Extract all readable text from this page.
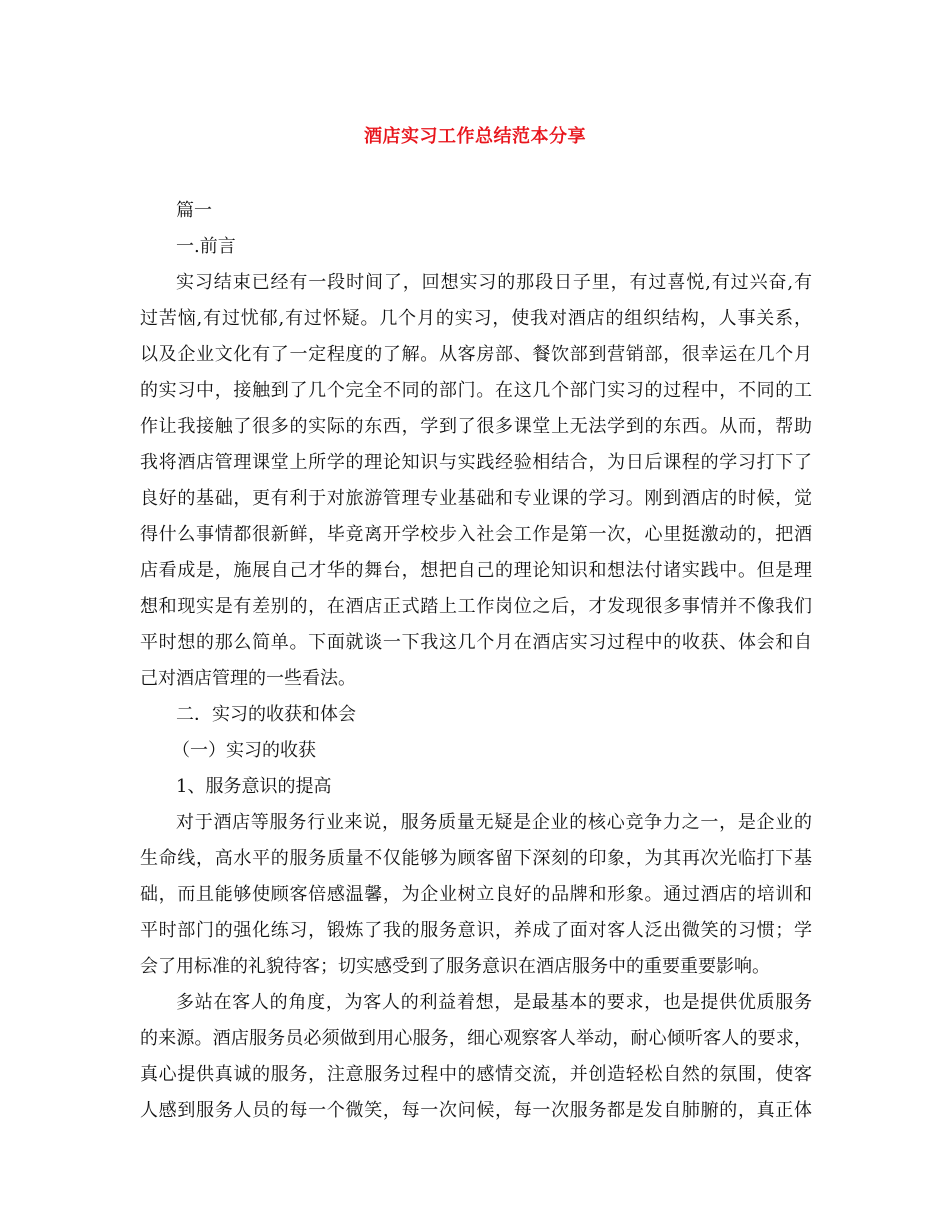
酒店实习工作总结范本分享

篇一

一.前言

实习结束已经有一段时间了，回想实习的那段日子里，有过喜悦,有过兴奋,有

过苦恼,有过忧郁,有过怀疑。几个月的实习，使我对酒店的组织结构，人事关系，

以及企业文化有了一定程度的了解。从客房部、餐饮部到营销部，很幸运在几个月

的实习中，接触到了几个完全不同的部门。在这几个部门实习的过程中，不同的工

作让我接触了很多的实际的东西，学到了很多课堂上无法学到的东西。从而，帮助

我将酒店管理课堂上所学的理论知识与实践经验相结合，为日后课程的学习打下了

良好的基础，更有利于对旅游管理专业基础和专业课的学习。刚到酒店的时候，觉

得什么事情都很新鲜，毕竟离开学校步入社会工作是第一次，心里挺激动的，把酒

店看成是，施展自己才华的舞台，想把自己的理论知识和想法付诸实践中。但是理

想和现实是有差别的，在酒店正式踏上工作岗位之后，才发现很多事情并不像我们

平时想的那么简单。下面就谈一下我这几个月在酒店实习过程中的收获、体会和自

己对酒店管理的一些看法。

二．实习的收获和体会

（一）实习的收获

1、服务意识的提高

对于酒店等服务行业来说，服务质量无疑是企业的核心竞争力之一，是企业的

生命线，高水平的服务质量不仅能够为顾客留下深刻的印象，为其再次光临打下基

础，而且能够使顾客倍感温馨，为企业树立良好的品牌和形象。通过酒店的培训和

平时部门的强化练习，锻炼了我的服务意识，养成了面对客人泛出微笑的习惯；学

会了用标准的礼貌待客；切实感受到了服务意识在酒店服务中的重要重要影响。

多站在客人的角度，为客人的利益着想，是最基本的要求，也是提供优质服务

的来源。酒店服务员必须做到用心服务，细心观察客人举动，耐心倾听客人的要求，

真心提供真诚的服务，注意服务过程中的感情交流，并创造轻松自然的氛围，使客

人感到服务人员的每一个微笑，每一次问候，每一次服务都是发自肺腑的，真正体
